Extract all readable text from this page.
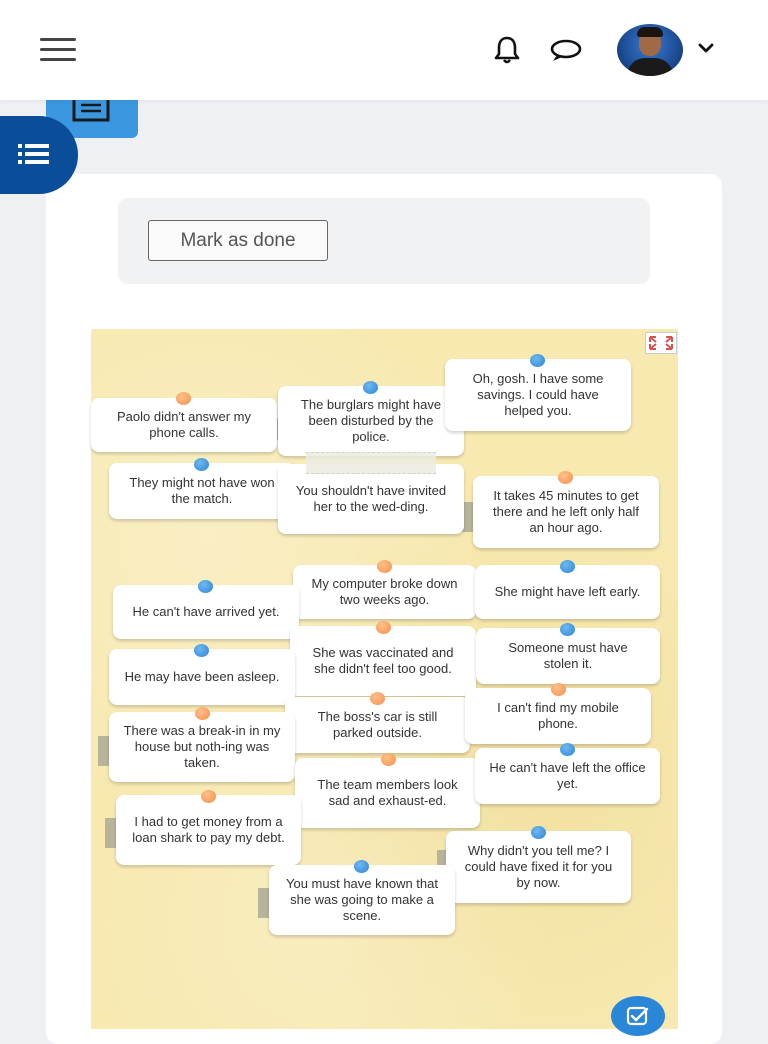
Mark as done
Paolo didn't answer my phone calls.
The burglars might have been disturbed by the police.
Oh, gosh. I have some savings. I could have helped you.
They might not have won the match.
You shouldn't have invited her to the wed-ding.
It takes 45 minutes to get there and he left only half an hour ago.
My computer broke down two weeks ago.
She might have left early.
He can't have arrived yet.
She was vaccinated and she didn't feel too good.
Someone must have stolen it.
He may have been asleep.
The boss's car is still parked outside.
I can't find my mobile phone.
There was a break-in in my house but noth-ing was taken.
The team members look sad and exhaust-ed.
He can't have left the office yet.
I had to get money from a loan shark to pay my debt.
Why didn't you tell me? I could have fixed it for you by now.
You must have known that she was going to make a scene.
